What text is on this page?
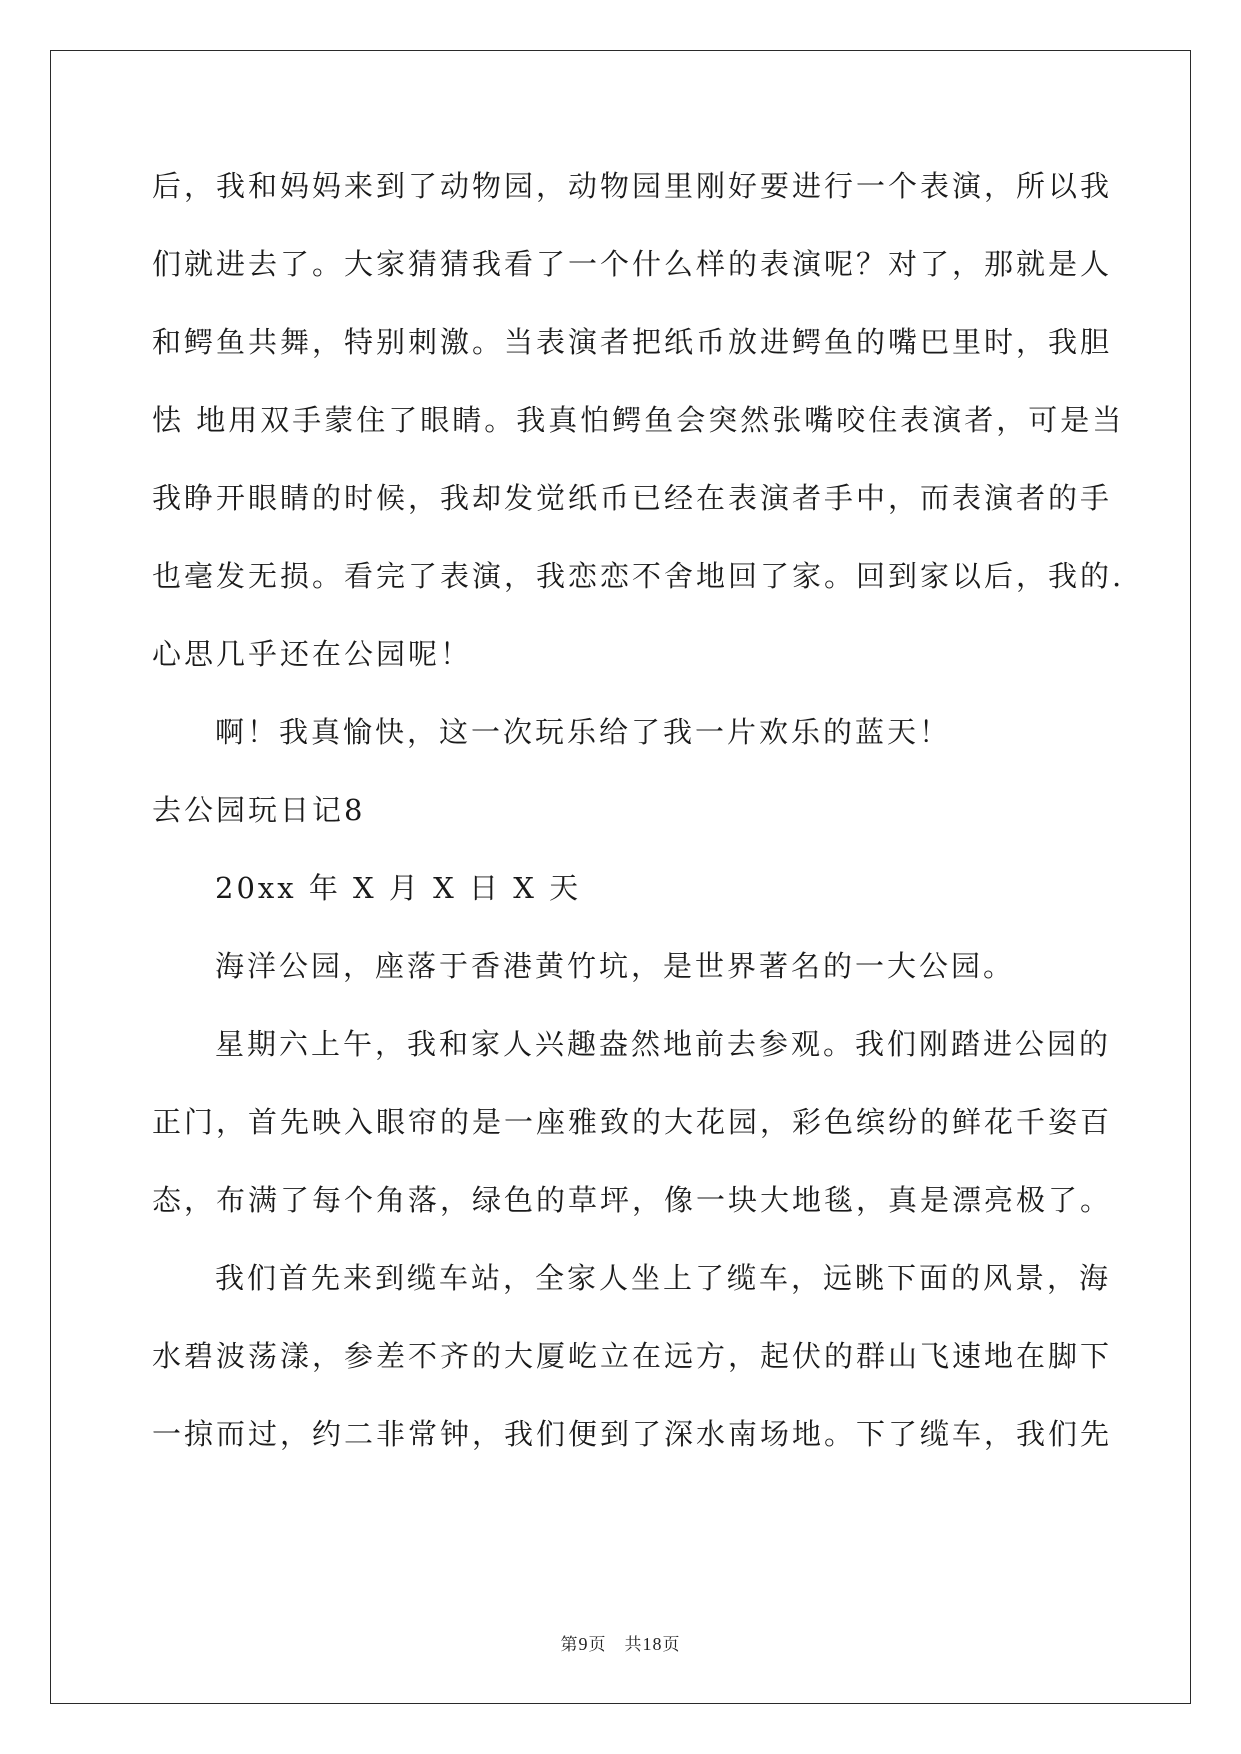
后，我和妈妈来到了动物园，动物园里刚好要进行一个表演，所以我
们就进去了。大家猜猜我看了一个什么样的表演呢？对了，那就是人
和鳄鱼共舞，特别刺激。当表演者把纸币放进鳄鱼的嘴巴里时，我胆
怯 地用双手蒙住了眼睛。我真怕鳄鱼会突然张嘴咬住表演者，可是当
我睁开眼睛的时候，我却发觉纸币已经在表演者手中，而表演者的手
也毫发无损。看完了表演，我恋恋不舍地回了家。回到家以后，我的.
心思几乎还在公园呢！
啊！我真愉快，这一次玩乐给了我一片欢乐的蓝天！
去公园玩日记8
20xx 年 X 月 X 日 X 天
海洋公园，座落于香港黄竹坑，是世界著名的一大公园。
星期六上午，我和家人兴趣盎然地前去参观。我们刚踏进公园的
正门，首先映入眼帘的是一座雅致的大花园，彩色缤纷的鲜花千姿百
态，布满了每个角落，绿色的草坪，像一块大地毯，真是漂亮极了。
我们首先来到缆车站，全家人坐上了缆车，远眺下面的风景，海
水碧波荡漾，参差不齐的大厦屹立在远方，起伏的群山飞速地在脚下
一掠而过，约二非常钟，我们便到了深水南场地。下了缆车，我们先
第9页　共18页
